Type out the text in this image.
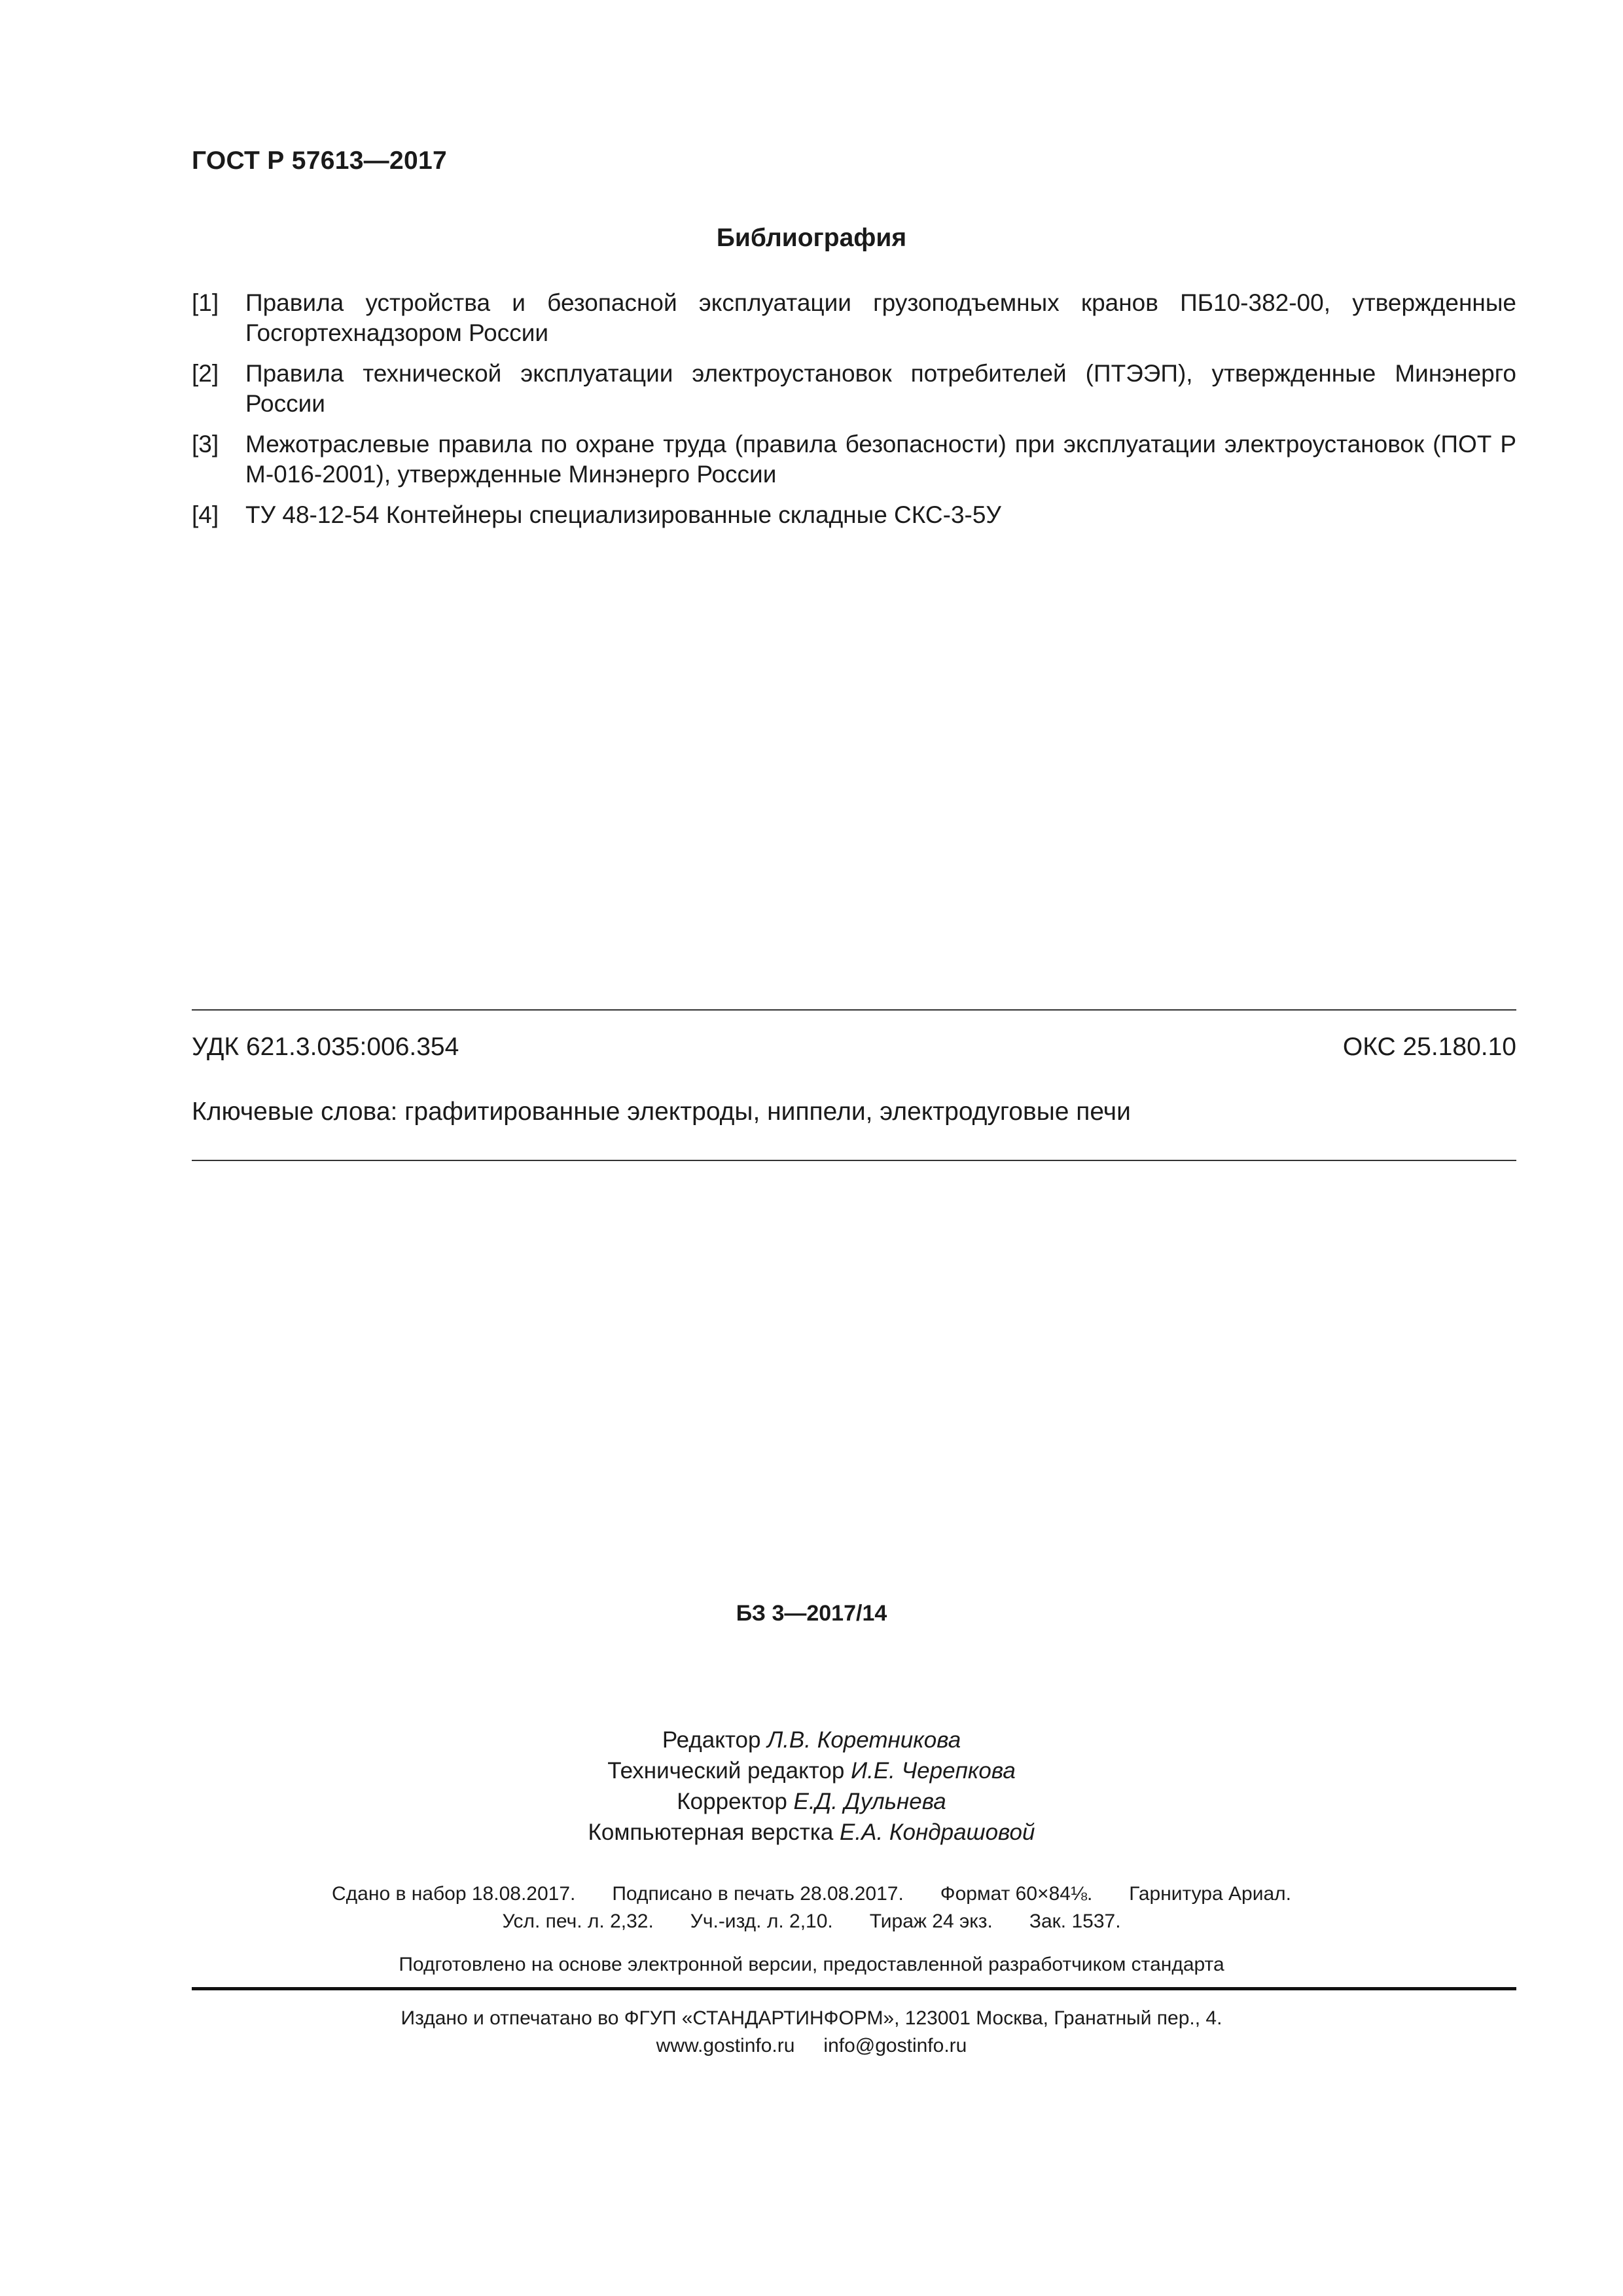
ГОСТ Р 57613—2017
Библиография
[1]	Правила устройства и безопасной эксплуатации грузоподъемных кранов ПБ10-382-00, утвержденные Госгортехнадзором России
[2]	Правила технической эксплуатации электроустановок потребителей (ПТЭЭП), утвержденные Минэнерго России
[3]	Межотраслевые правила по охране труда (правила безопасности) при эксплуатации электроустановок (ПОТ Р М-016-2001), утвержденные Минэнерго России
[4]	ТУ 48-12-54 Контейнеры специализированные складные СКС-3-5У
УДК 621.3.035:006.354	ОКС 25.180.10
Ключевые слова: графитированные электроды, ниппели, электродуговые печи
БЗ 3—2017/14
Редактор Л.В. Коретникова
Технический редактор И.Е. Черепкова
Корректор Е.Д. Дульнева
Компьютерная верстка Е.А. Кондрашовой
Сдано в набор 18.08.2017. Подписано в печать 28.08.2017. Формат 60×84⅛. Гарнитура Ариал.
Усл. печ. л. 2,32. Уч.-изд. л. 2,10. Тираж 24 экз. Зак. 1537.
Подготовлено на основе электронной версии, предоставленной разработчиком стандарта
Издано и отпечатано во ФГУП «СТАНДАРТИНФОРМ», 123001 Москва, Гранатный пер., 4.
www.gostinfo.ru info@gostinfo.ru
